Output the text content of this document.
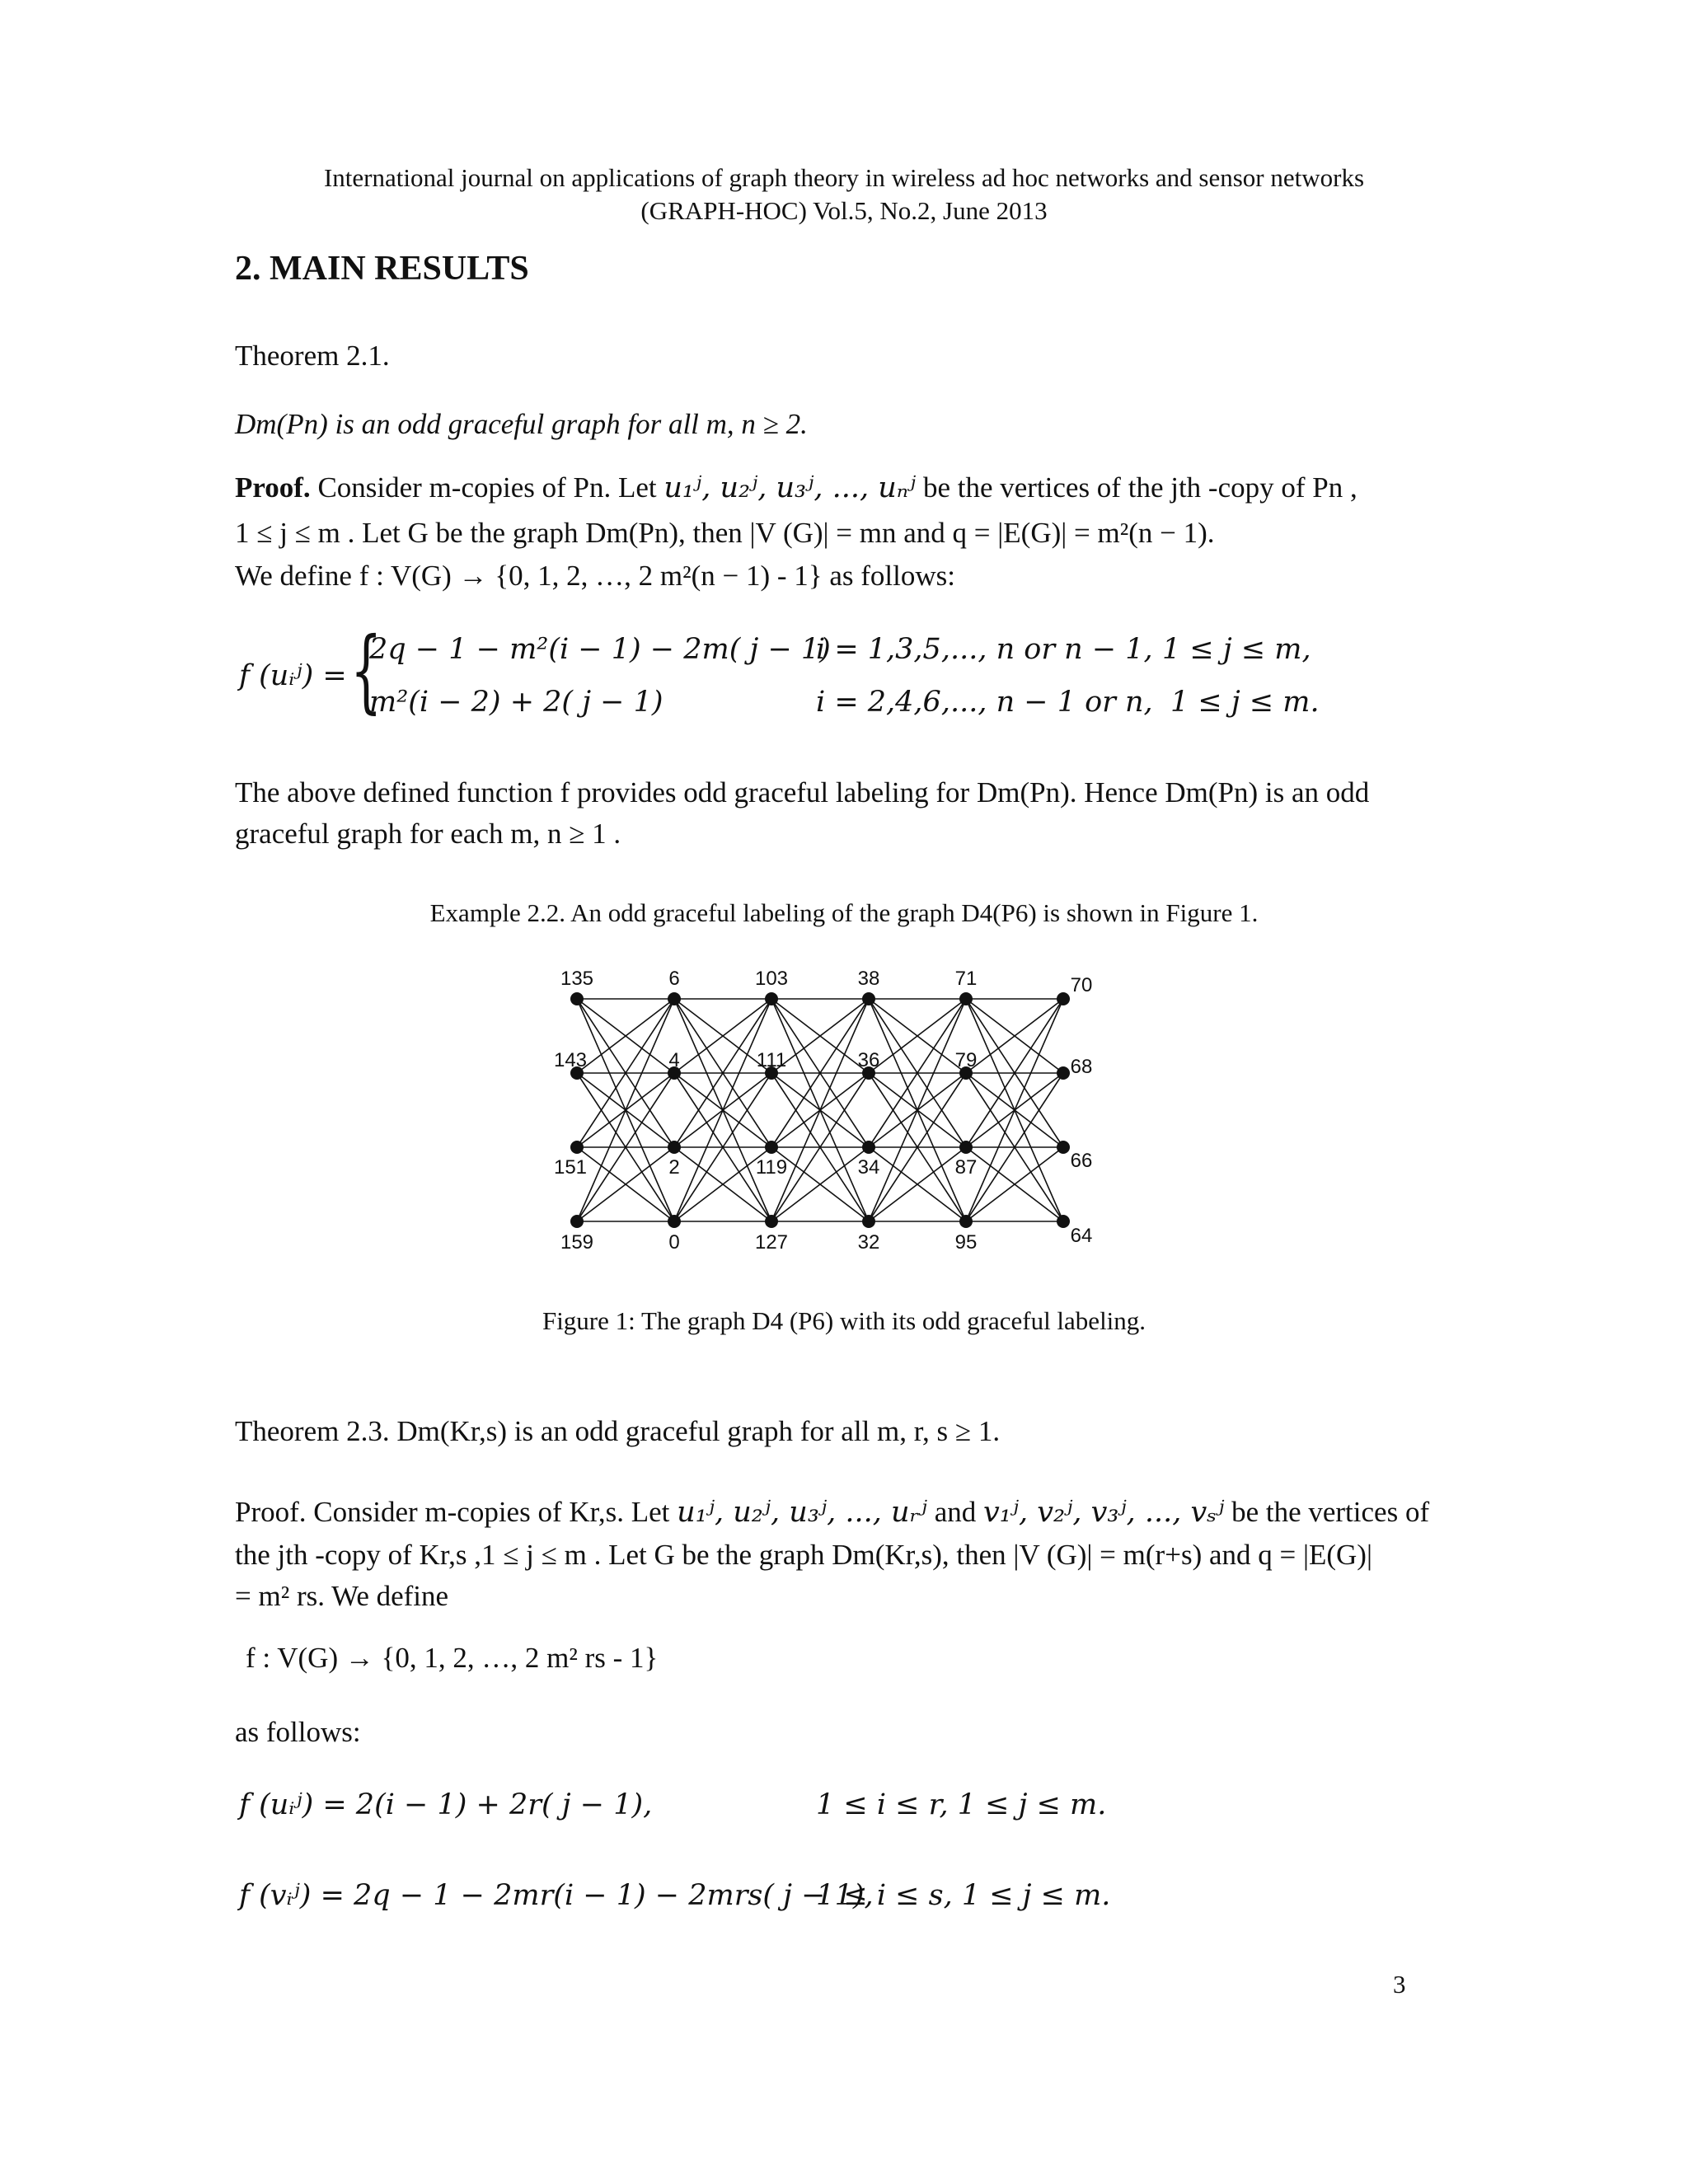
International journal on applications of graph theory in wireless ad hoc networks and sensor networks
(GRAPH-HOC) Vol.5, No.2, June 2013
2. MAIN RESULTS
Theorem 2.1.
Dm(Pn) is an odd graceful graph for all m, n ≥ 2.
Proof. Consider m-copies of Pn. Let u₁ʲ, u₂ʲ, u₃ʲ, ..., uₙʲ be the vertices of the jth -copy of Pn ,
1 ≤ j ≤ m . Let G be the graph Dm(Pn), then |V (G)| = mn and q = |E(G)| = m²(n − 1).
We define f : V(G) → {0, 1, 2, …, 2 m²(n − 1) - 1} as follows:
f (uᵢʲ) = {
2q − 1 − m²(i − 1) − 2m( j − 1)
i = 1,3,5,..., n or n − 1, 1 ≤ j ≤ m,
m²(i − 2) + 2( j − 1)	i = 2,4,6,..., n − 1 or n, 1 ≤ j ≤ m.
The above defined function f provides odd graceful labeling for Dm(Pn). Hence Dm(Pn) is an odd
graceful graph for each m, n ≥ 1 .
Example 2.2. An odd graceful labeling of the graph D4(P6) is shown in Figure 1.
135	6	103	38	71	70
143	4	111	36	79	68
151	2	119	34	87	66
159	0	127	32	95	64
Figure 1: The graph D4 (P6) with its odd graceful labeling.
Theorem 2.3. Dm(Kr,s) is an odd graceful graph for all m, r, s ≥ 1.
Proof. Consider m-copies of Kr,s. Let u₁ʲ, u₂ʲ, u₃ʲ, ..., uᵣʲ and v₁ʲ, v₂ʲ, v₃ʲ, ..., vₛʲ be the vertices of
the jth -copy of Kr,s ,1 ≤ j ≤ m . Let G be the graph Dm(Kr,s), then |V (G)| = m(r+s) and q = |E(G)|
= m² rs. We define
f : V(G) → {0, 1, 2, …, 2 m² rs - 1}
as follows:
f (uᵢʲ) = 2(i − 1) + 2r( j − 1),	1 ≤ i ≤ r, 1 ≤ j ≤ m.
f (vᵢʲ) = 2q − 1 − 2mr(i − 1) − 2mrs( j − 1),
1 ≤ i ≤ s, 1 ≤ j ≤ m.
3
